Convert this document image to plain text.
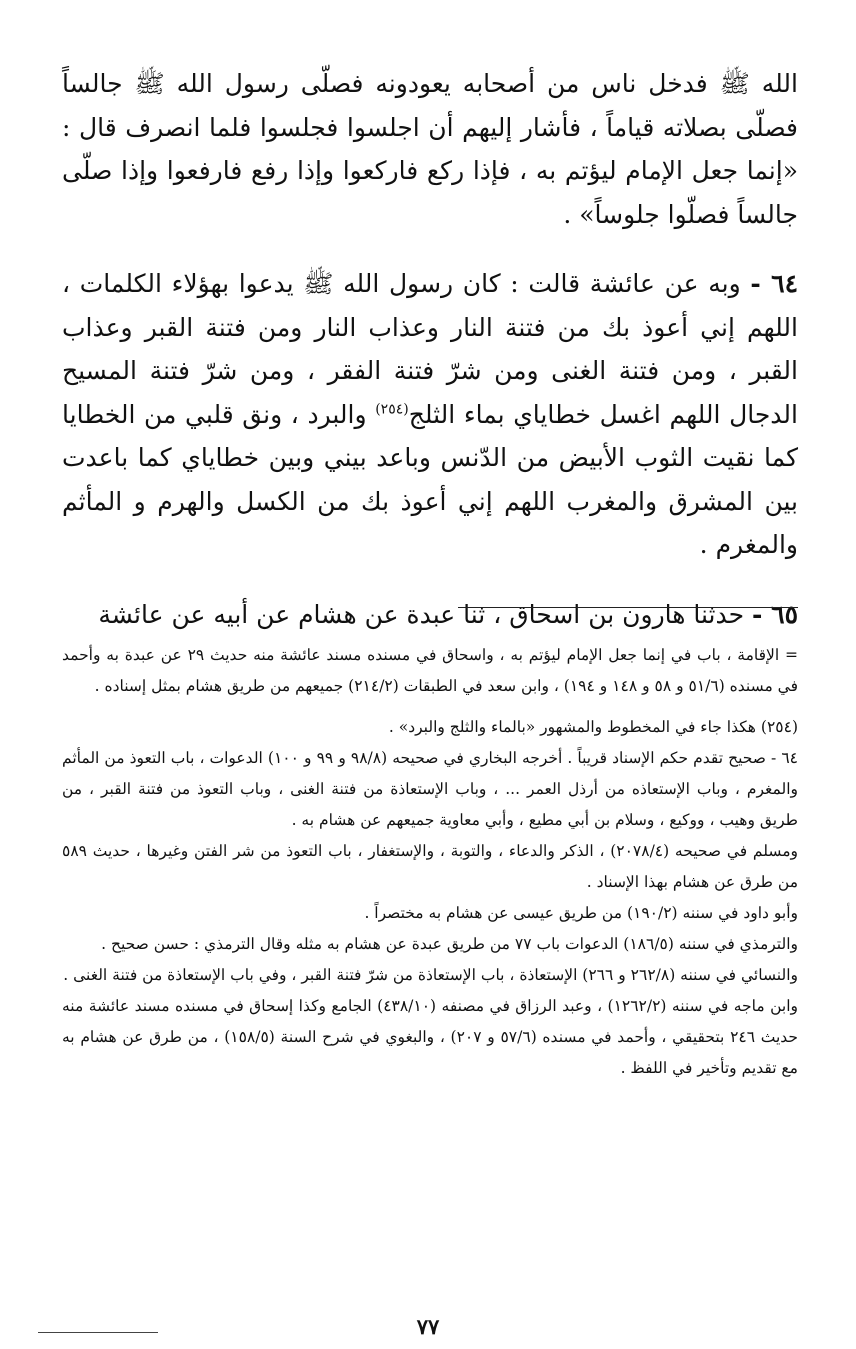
الله ﷺ فدخل ناس من أصحابه يعودونه فصلّى رسول الله ﷺ جالساً فصلّى بصلاته قياماً ، فأشار إليهم أن اجلسوا فجلسوا فلما انصرف قال : «إنما جعل الإمام ليؤتم به ، فإذا ركع فاركعوا وإذا رفع فارفعوا وإذا صلّى جالساً فصلّوا جلوساً» .

٦٤ - وبه عن عائشة قالت : كان رسول الله ﷺ يدعوا بهؤلاء الكلمات ، اللهم إني أعوذ بك من فتنة النار وعذاب النار ومن فتنة القبر وعذاب القبر ، ومن فتنة الغنى ومن شرّ فتنة الفقر ، ومن شرّ فتنة المسيح الدجال اللهم اغسل خطاياي بماء الثلج$^{(٢٥٤)}$ والبرد ، ونق قلبي من الخطايا كما نقيت الثوب الأبيض من الدّنس وباعد بيني وبين خطاياي كما باعدت بين المشرق والمغرب اللهم إني أعوذ بك من الكسل والهرم و المأثم والمغرم .

٦٥ - حدثنا هارون بن اسحاق ، ثنا عبدة عن هشام عن أبيه عن عائشة

= الإقامة ، باب في إنما جعل الإمام ليؤتم به ، واسحاق في مسنده مسند عائشة منه حديث ٢٩ عن عبدة به وأحمد في مسنده (٥١/٦ و ٥٨ و ١٤٨ و ١٩٤) ، وابن سعد في الطبقات (٢١٤/٢) جميعهم من طريق هشام بمثل إسناده .

(٢٥٤) هكذا جاء في المخطوط والمشهور «بالماء والثلج والبرد» .

٦٤ - صحيح تقدم حكم الإسناد قريباً . أخرجه البخاري في صحيحه (٩٨/٨ و ٩٩ و ١٠٠) الدعوات ، باب التعوذ من المأثم والمغرم ، وباب الإستعاذه من أرذل العمر ... ، وباب الإستعاذة من فتنة الغنى ، وباب التعوذ من فتنة القبر ، من طريق وهيب ، ووكيع ، وسلام بن أبي مطيع ، وأبي معاوية جميعهم عن هشام به .

ومسلم في صحيحه (٢٠٧٨/٤) ، الذكر والدعاء ، والتوبة ، والإستغفار ، باب التعوذ من شر الفتن وغيرها ، حديث ٥٨٩ من طرق عن هشام بهذا الإسناد .

وأبو داود في سننه (١٩٠/٢) من طريق عيسى عن هشام به مختصراً .

والترمذي في سننه (١٨٦/٥) الدعوات باب ٧٧ من طريق عبدة عن هشام به مثله وقال الترمذي : حسن صحيح .

والنسائي في سننه (٢٦٢/٨ و ٢٦٦) الإستعاذة ، باب الإستعاذة من شرّ فتنة القبر ، وفي باب الإستعاذة من فتنة الغنى .

وابن ماجه في سننه (١٢٦٢/٢) ، وعبد الرزاق في مصنفه (٤٣٨/١٠) الجامع وكذا إسحاق في مسنده مسند عائشة منه حديث ٢٤٦ بتحقيقي ، وأحمد في مسنده (٥٧/٦ و ٢٠٧) ، والبغوي في شرح السنة (١٥٨/٥) ، من طرق عن هشام به مع تقديم وتأخير في اللفظ .

٧٧
